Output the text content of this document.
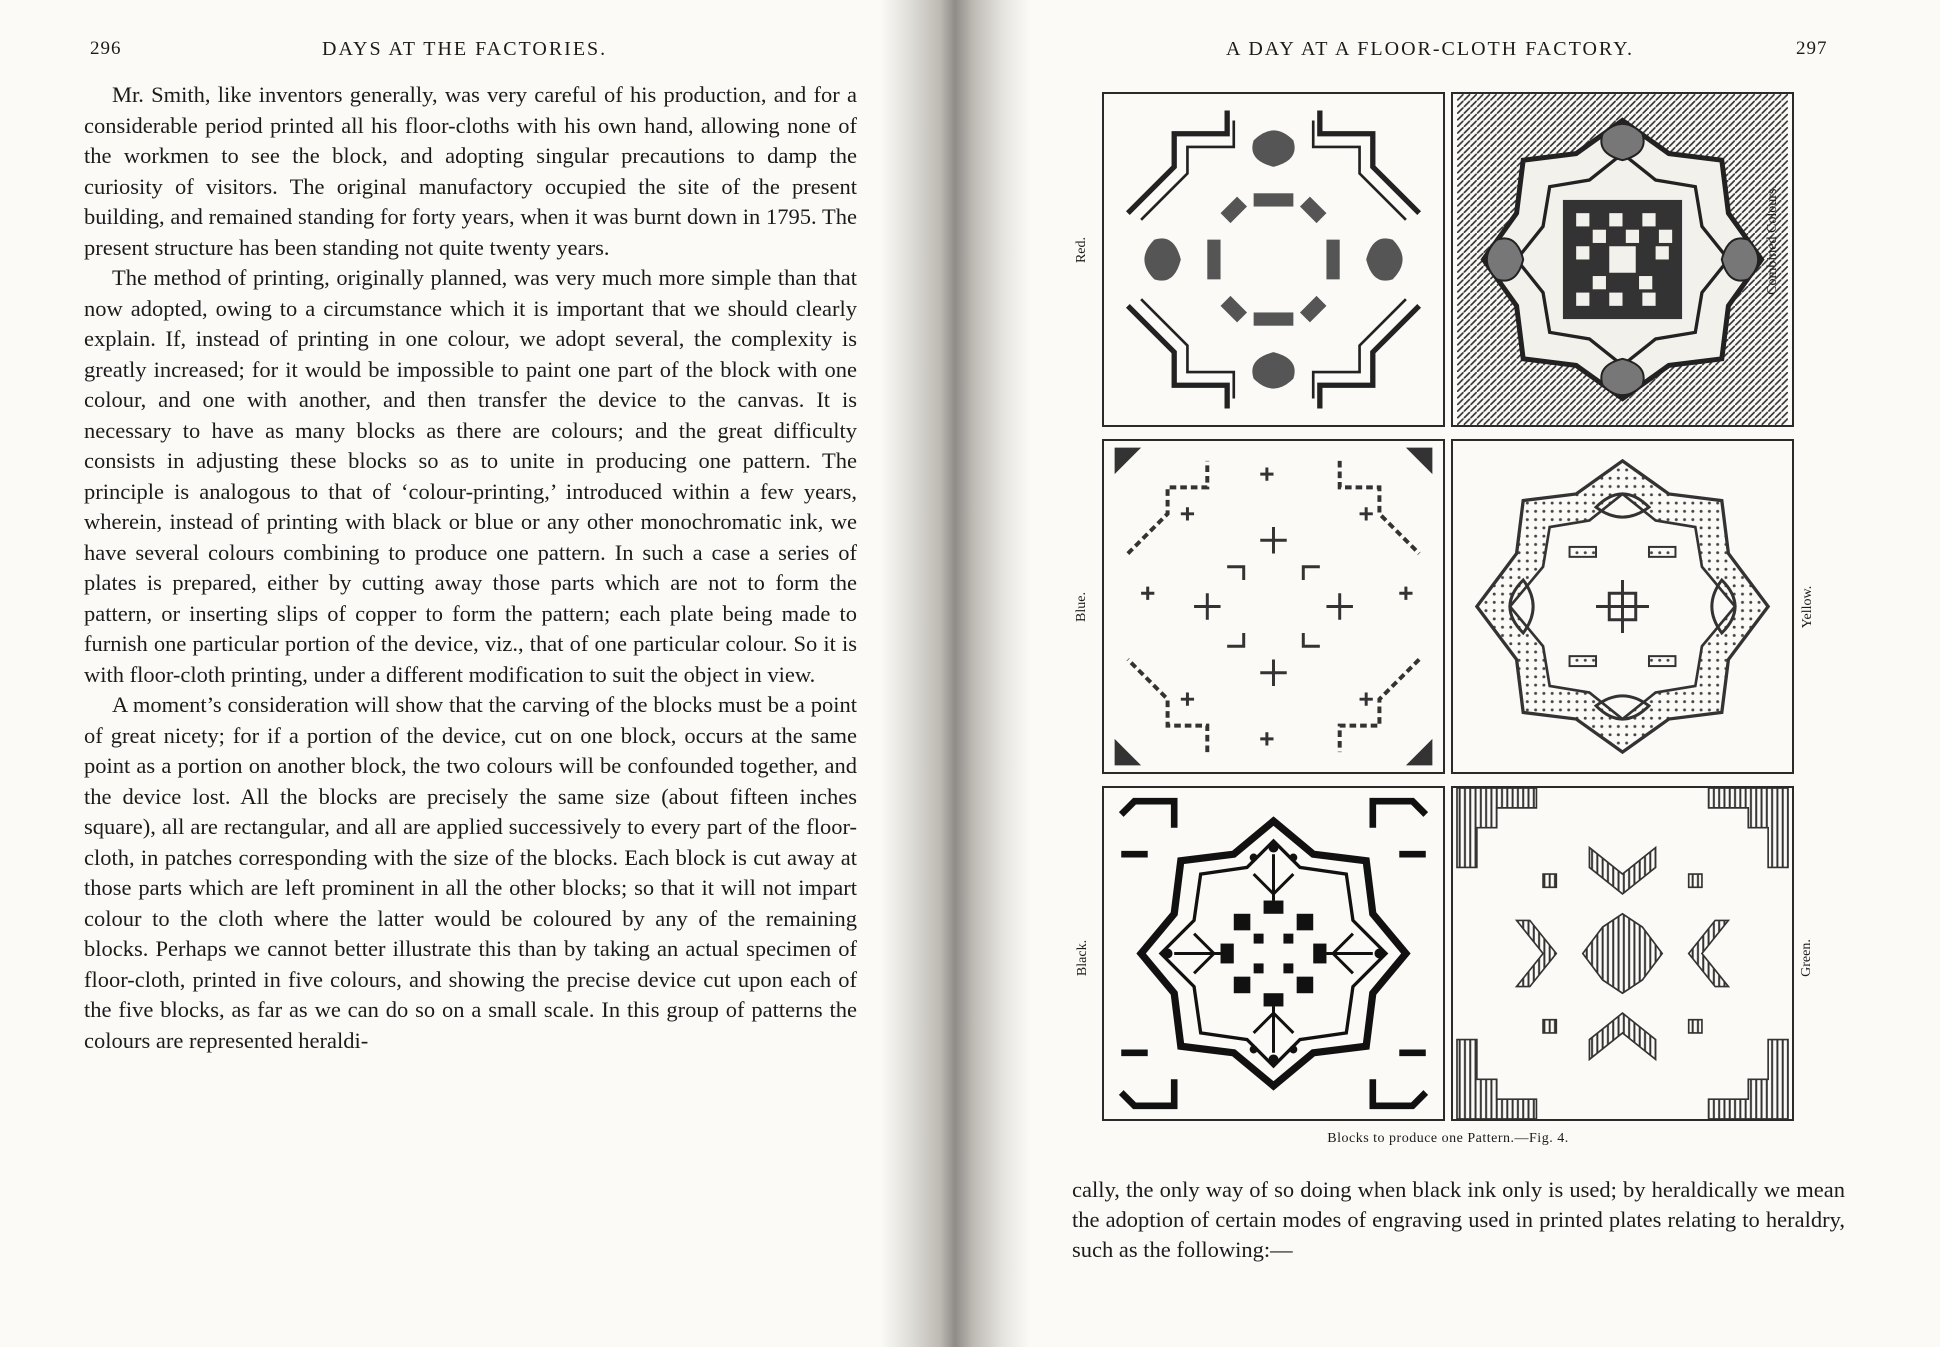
296	DAYS AT THE FACTORIES.

Mr. Smith, like inventors generally, was very careful of his production, and for a considerable period printed all his floor-cloths with his own hand, allowing none of the workmen to see the block, and adopting singular precautions to damp the curiosity of visitors. The original manufactory occupied the site of the present building, and remained standing for forty years, when it was burnt down in 1795. The present structure has been standing not quite twenty years.

The method of printing, originally planned, was very much more simple than that now adopted, owing to a circumstance which it is important that we should clearly explain. If, instead of printing in one colour, we adopt several, the complexity is greatly increased; for it would be impossible to paint one part of the block with one colour, and one with another, and then transfer the device to the canvas. It is necessary to have as many blocks as there are colours; and the great difficulty consists in adjusting these blocks so as to unite in producing one pattern. The principle is analogous to that of ‘colour-printing,’ introduced within a few years, wherein, instead of printing with black or blue or any other monochromatic ink, we have several colours combining to produce one pattern. In such a case a series of plates is prepared, either by cutting away those parts which are not to form the pattern, or inserting slips of copper to form the pattern; each plate being made to furnish one particular portion of the device, viz., that of one particular colour. So it is with floor-cloth printing, under a different modification to suit the object in view.

A moment’s consideration will show that the carving of the blocks must be a point of great nicety; for if a portion of the device, cut on one block, occurs at the same point as a portion on another block, the two colours will be confounded together, and the device lost. All the blocks are precisely the same size (about fifteen inches square), all are rectangular, and all are applied successively to every part of the floor-cloth, in patches corresponding with the size of the blocks. Each block is cut away at those parts which are left prominent in all the other blocks; so that it will not impart colour to the cloth where the latter would be coloured by any of the remaining blocks. Perhaps we cannot better illustrate this than by taking an actual specimen of floor-cloth, printed in five colours, and showing the precise device cut upon each of the five blocks, as far as we can do so on a small scale. In this group of patterns the colours are represented heraldi-

A DAY AT A FLOOR-CLOTH FACTORY.	297
Red.	Combined Colours.
Blue.	Yellow.
Black.	Green.
Blocks to produce one Pattern.—Fig. 4.

cally, the only way of so doing when black ink only is used; by heraldically we mean the adoption of certain modes of engraving used in printed plates relating to heraldry, such as the following:—
